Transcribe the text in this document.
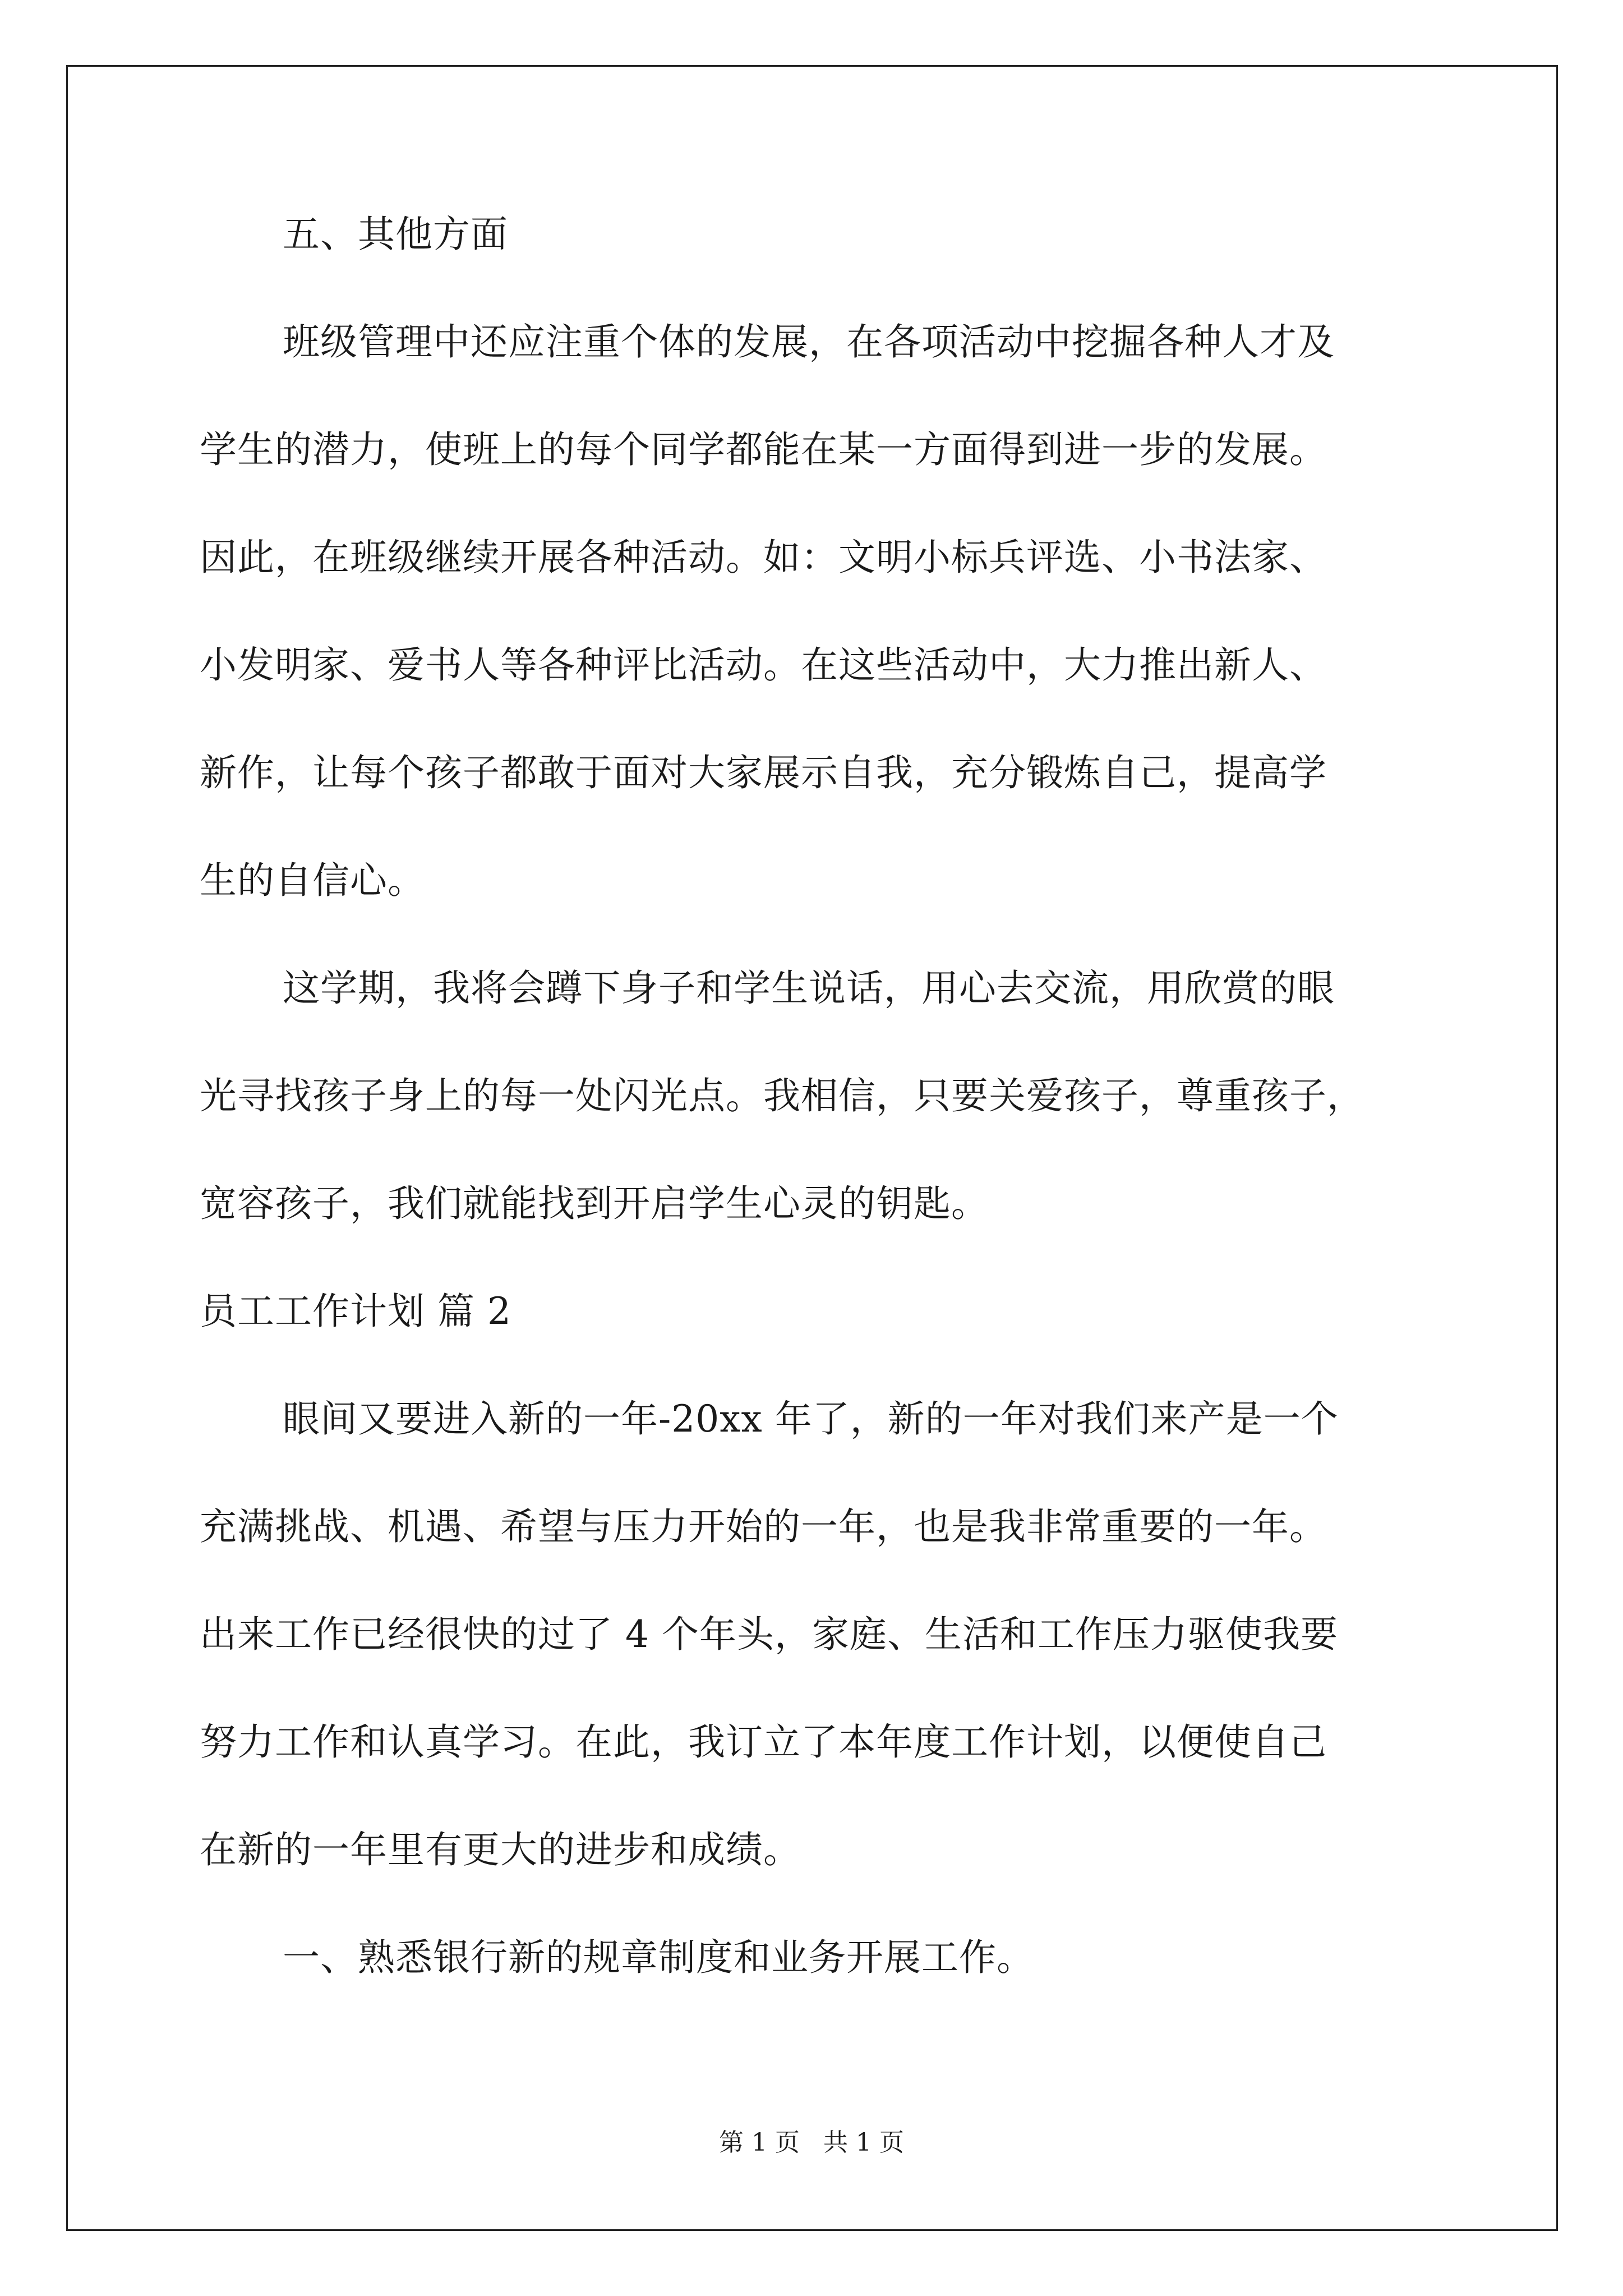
五、其他方面
班级管理中还应注重个体的发展，在各项活动中挖掘各种人才及
学生的潜力，使班上的每个同学都能在某一方面得到进一步的发展。
因此，在班级继续开展各种活动。如：文明小标兵评选、小书法家、
小发明家、爱书人等各种评比活动。在这些活动中，大力推出新人、
新作，让每个孩子都敢于面对大家展示自我，充分锻炼自己，提高学
生的自信心。
这学期，我将会蹲下身子和学生说话，用心去交流，用欣赏的眼
光寻找孩子身上的每一处闪光点。我相信，只要关爱孩子，尊重孩子，
宽容孩子，我们就能找到开启学生心灵的钥匙。
员工工作计划 篇 2
眼间又要进入新的一年-20xx 年了，新的一年对我们来产是一个
充满挑战、机遇、希望与压力开始的一年，也是我非常重要的一年。
出来工作已经很快的过了 4 个年头，家庭、生活和工作压力驱使我要
努力工作和认真学习。在此，我订立了本年度工作计划，以便使自己
在新的一年里有更大的进步和成绩。
一、熟悉银行新的规章制度和业务开展工作。
第 1 页 共 1 页
